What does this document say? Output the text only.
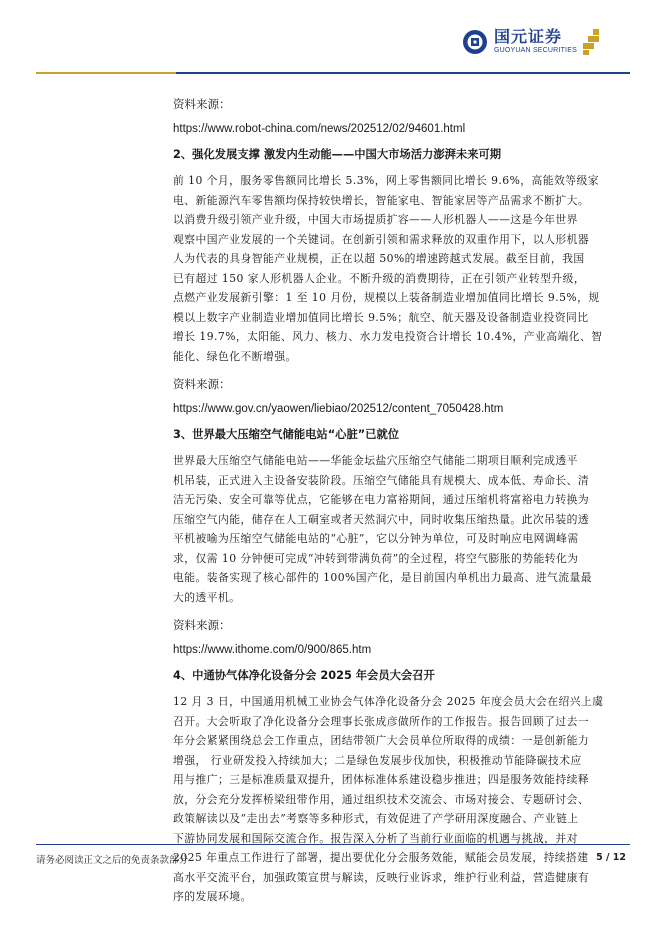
国元证券
GUOYUAN SECURITIES

资料来源：

https://www.robot-china.com/news/202512/02/94601.html

2、强化发展支撑 激发内生动能——中国大市场活力澎湃未来可期

前 10 个月，服务零售额同比增长 5.3%，网上零售额同比增长 9.6%，高能效等级家
电、新能源汽车零售额均保持较快增长，智能家电、智能家居等产品需求不断扩大。
以消费升级引领产业升级，中国大市场提质扩容——人形机器人——这是今年世界
观察中国产业发展的一个关键词。在创新引领和需求释放的双重作用下，以人形机器
人为代表的具身智能产业规模，正在以超 50%的增速跨越式发展。截至目前，我国
已有超过 150 家人形机器人企业。不断升级的消费期待，正在引领产业转型升级，
点燃产业发展新引擎：1 至 10 月份，规模以上装备制造业增加值同比增长 9.5%，规
模以上数字产业制造业增加值同比增长 9.5%；航空、航天器及设备制造业投资同比
增长 19.7%，太阳能、风力、核力、水力发电投资合计增长 10.4%，产业高端化、智
能化、绿色化不断增强。

资料来源：

https://www.gov.cn/yaowen/liebiao/202512/content_7050428.htm

3、世界最大压缩空气储能电站“心脏”已就位

世界最大压缩空气储能电站——华能金坛盐穴压缩空气储能二期项目顺利完成透平
机吊装，正式进入主设备安装阶段。压缩空气储能具有规模大、成本低、寿命长、清
洁无污染、安全可靠等优点，它能够在电力富裕期间，通过压缩机将富裕电力转换为
压缩空气内能，储存在人工硐室或者天然洞穴中，同时收集压缩热量。此次吊装的透
平机被喻为压缩空气储能电站的“心脏”，它以分钟为单位，可及时响应电网调峰需
求，仅需 10 分钟便可完成“冲转到带满负荷”的全过程，将空气膨胀的势能转化为
电能。装备实现了核心部件的 100%国产化，是目前国内单机出力最高、进气流量最
大的透平机。

资料来源：

https://www.ithome.com/0/900/865.htm

4、中通协气体净化设备分会 2025 年会员大会召开

12 月 3 日，中国通用机械工业协会气体净化设备分会 2025 年度会员大会在绍兴上虞
召开。大会听取了净化设备分会理事长张成彦做所作的工作报告。报告回顾了过去一
年分会紧紧围绕总会工作重点，团结带领广大会员单位所取得的成绩：一是创新能力
增强， 行业研发投入持续加大；二是绿色发展步伐加快，积极推动节能降碳技术应
用与推广；三是标准质量双提升，团体标准体系建设稳步推进；四是服务效能持续释
放，分会充分发挥桥梁纽带作用，通过组织技术交流会、市场对接会、专题研讨会、
政策解读以及“走出去”考察等多种形式，有效促进了产学研用深度融合、产业链上
下游协同发展和国际交流合作。报告深入分析了当前行业面临的机遇与挑战，并对
2025 年重点工作进行了部署，提出要优化分会服务效能，赋能会员发展，持续搭建
高水平交流平台，加强政策宣贯与解读，反映行业诉求，维护行业利益，营造健康有
序的发展环境。

请务必阅读正文之后的免责条款部分	5 / 12
